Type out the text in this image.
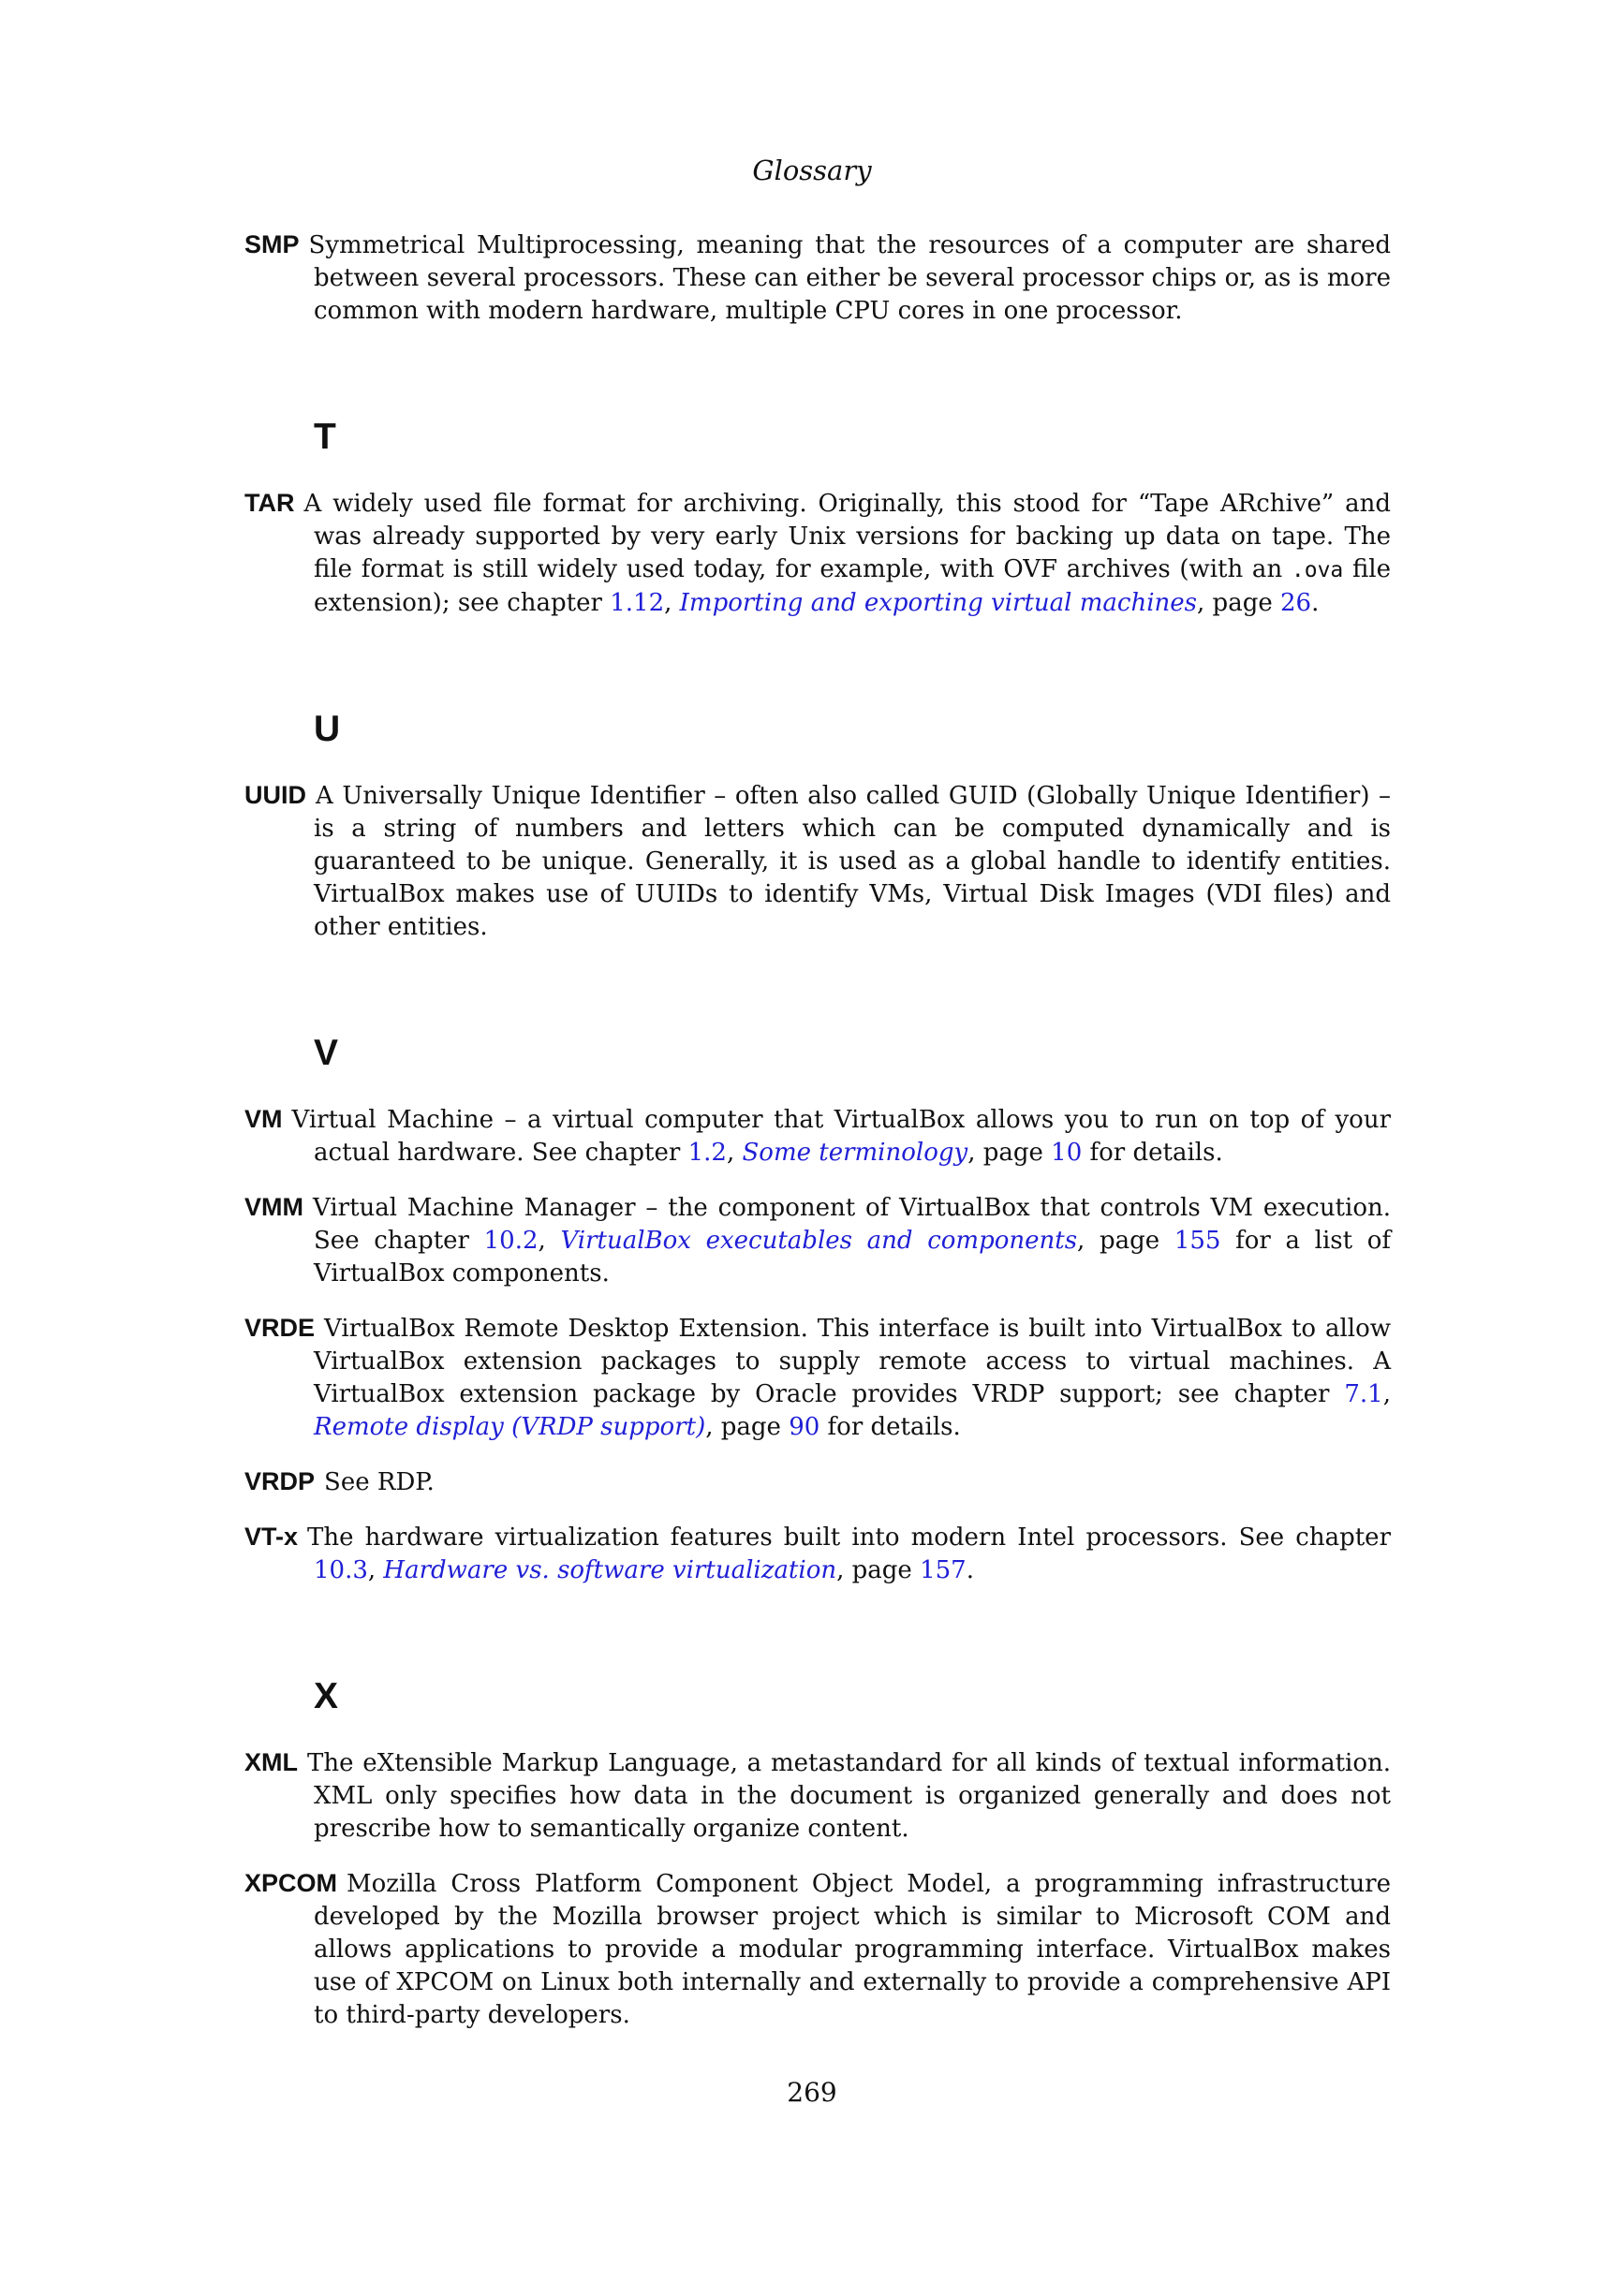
Glossary

SMP Symmetrical Multiprocessing, meaning that the resources of a computer are shared between several processors. These can either be several processor chips or, as is more common with modern hardware, multiple CPU cores in one processor.

T

TAR A widely used file format for archiving. Originally, this stood for “Tape ARchive” and was already supported by very early Unix versions for backing up data on tape. The file format is still widely used today, for example, with OVF archives (with an .ova file extension); see chapter 1.12, Importing and exporting virtual machines, page 26.

U

UUID A Universally Unique Identifier – often also called GUID (Globally Unique Identifier) – is a string of numbers and letters which can be computed dynamically and is guaranteed to be unique. Generally, it is used as a global handle to identify entities. VirtualBox makes use of UUIDs to identify VMs, Virtual Disk Images (VDI files) and other entities.

V

VM Virtual Machine – a virtual computer that VirtualBox allows you to run on top of your actual hardware. See chapter 1.2, Some terminology, page 10 for details.

VMM Virtual Machine Manager – the component of VirtualBox that controls VM execution. See chapter 10.2, VirtualBox executables and components, page 155 for a list of VirtualBox components.

VRDE VirtualBox Remote Desktop Extension. This interface is built into VirtualBox to allow VirtualBox extension packages to supply remote access to virtual machines. A VirtualBox extension package by Oracle provides VRDP support; see chapter 7.1, Remote display (VRDP support), page 90 for details.

VRDP See RDP.

VT-x The hardware virtualization features built into modern Intel processors. See chapter 10.3, Hardware vs. software virtualization, page 157.

X

XML The eXtensible Markup Language, a metastandard for all kinds of textual information. XML only specifies how data in the document is organized generally and does not prescribe how to semantically organize content.

XPCOM Mozilla Cross Platform Component Object Model, a programming infrastructure developed by the Mozilla browser project which is similar to Microsoft COM and allows applications to provide a modular programming interface. VirtualBox makes use of XPCOM on Linux both internally and externally to provide a comprehensive API to third-party developers.

269
